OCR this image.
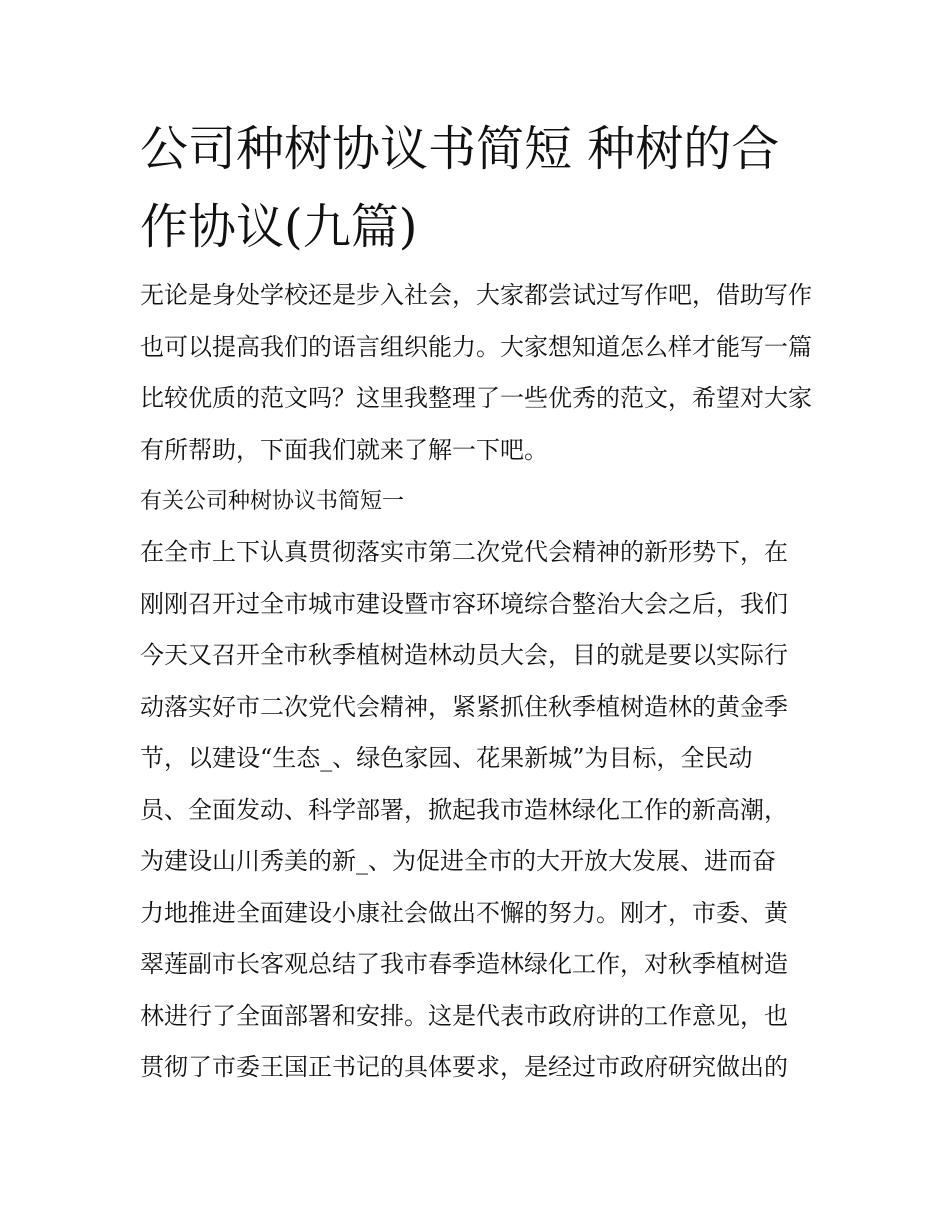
公司种树协议书简短 种树的合作协议(九篇)

无论是身处学校还是步入社会，大家都尝试过写作吧，借助写作也可以提高我们的语言组织能力。大家想知道怎么样才能写一篇比较优质的范文吗？这里我整理了一些优秀的范文，希望对大家有所帮助，下面我们就来了解一下吧。

有关公司种树协议书简短一

在全市上下认真贯彻落实市第二次党代会精神的新形势下，在

刚刚召开过全市城市建设暨市容环境综合整治大会之后，我们

今天又召开全市秋季植树造林动员大会，目的就是要以实际行

动落实好市二次党代会精神，紧紧抓住秋季植树造林的黄金季

节，以建设“生态_、绿色家园、花果新城”为目标，全民动

员、全面发动、科学部署，掀起我市造林绿化工作的新高潮，

为建设山川秀美的新_、为促进全市的大开放大发展、进而奋

力地推进全面建设小康社会做出不懈的努力。刚才，市委、黄

翠莲副市长客观总结了我市春季造林绿化工作，对秋季植树造

林进行了全面部署和安排。这是代表市政府讲的工作意见，也

贯彻了市委王国正书记的具体要求，是经过市政府研究做出的
